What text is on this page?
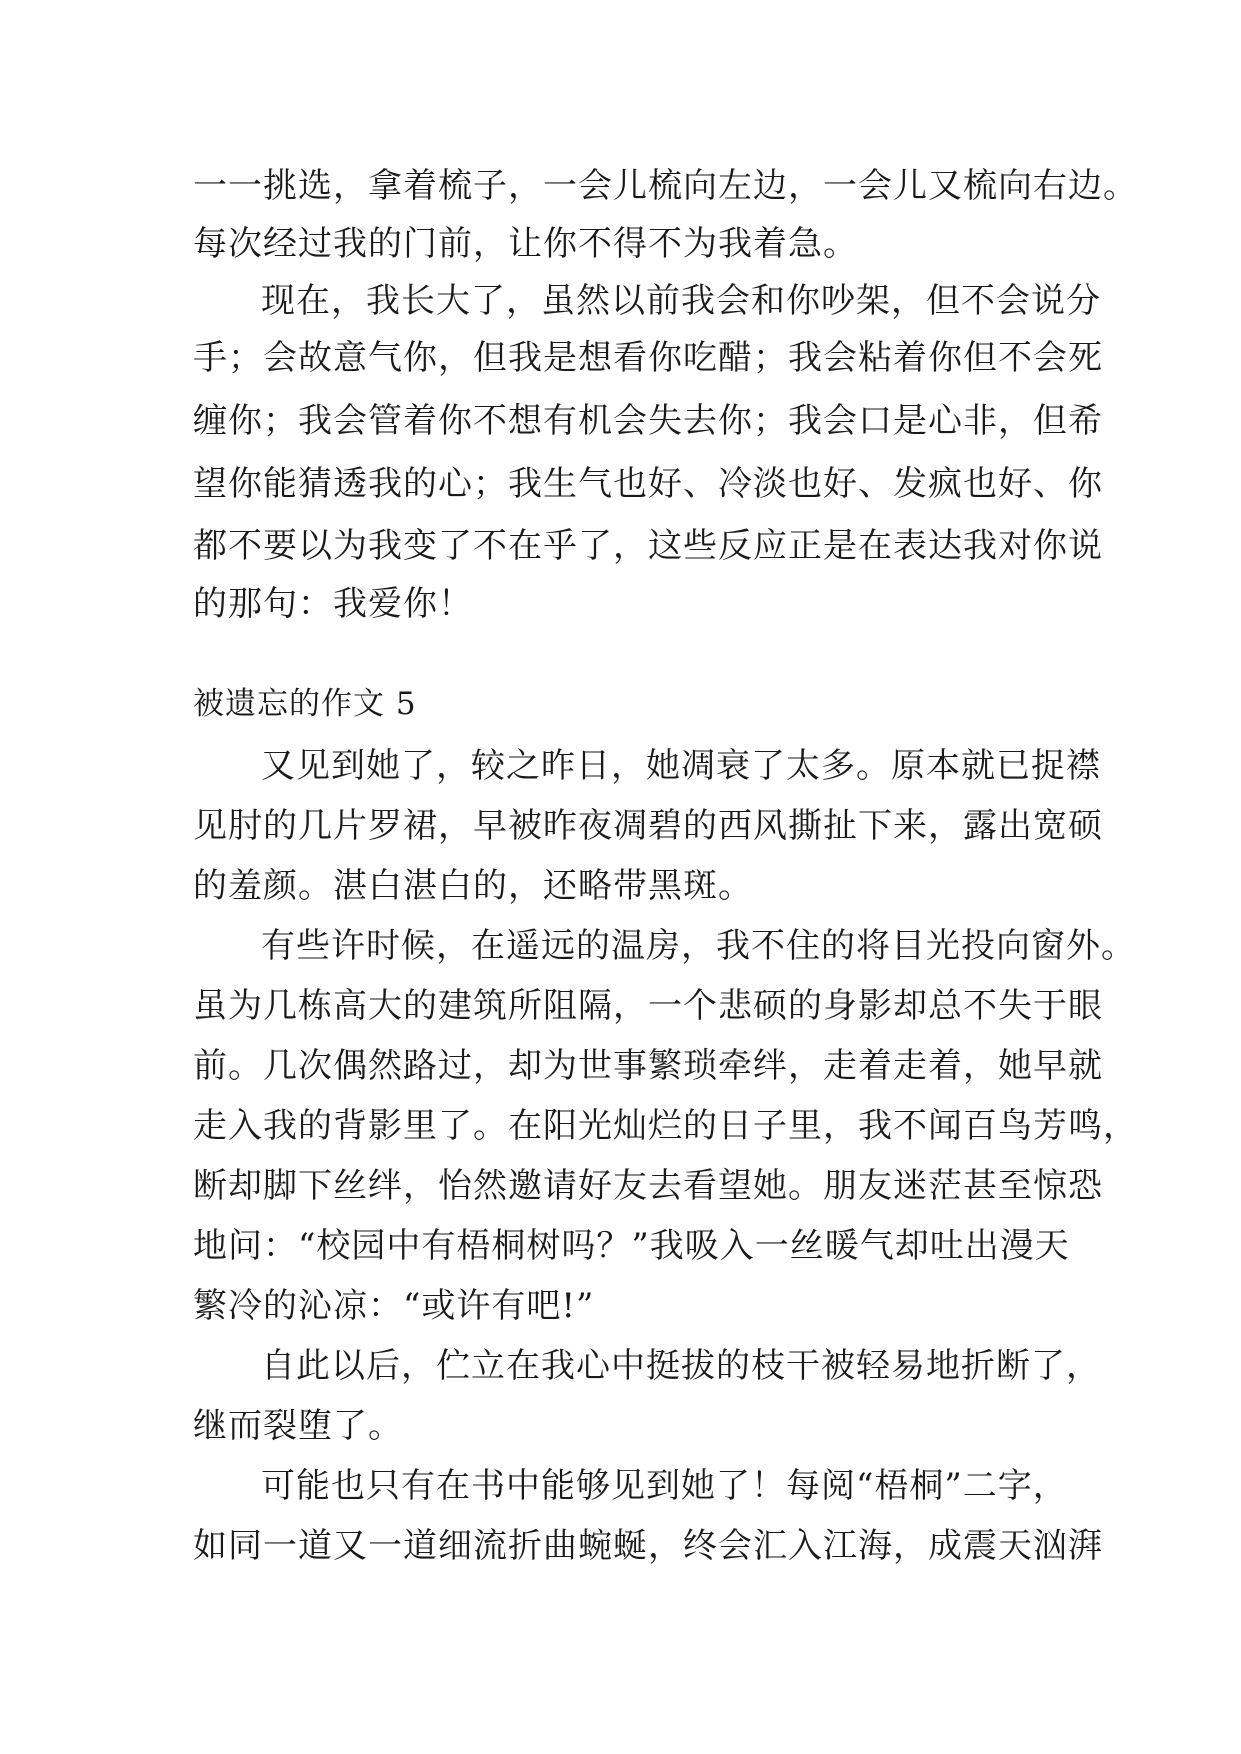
一一挑选，拿着梳子，一会儿梳向左边，一会儿又梳向右边。
每次经过我的门前，让你不得不为我着急。
现在，我长大了，虽然以前我会和你吵架，但不会说分
手；会故意气你，但我是想看你吃醋；我会粘着你但不会死
缠你；我会管着你不想有机会失去你；我会口是心非，但希
望你能猜透我的心；我生气也好、冷淡也好、发疯也好、你
都不要以为我变了不在乎了，这些反应正是在表达我对你说
的那句：我爱你！
被遗忘的作文 5
又见到她了，较之昨日，她凋衰了太多。原本就已捉襟
见肘的几片罗裙，早被昨夜凋碧的西风撕扯下来，露出宽硕
的羞颜。湛白湛白的，还略带黑斑。
有些许时候，在遥远的温房，我不住的将目光投向窗外。
虽为几栋高大的建筑所阻隔，一个悲硕的身影却总不失于眼
前。几次偶然路过，却为世事繁琐牵绊，走着走着，她早就
走入我的背影里了。在阳光灿烂的日子里，我不闻百鸟芳鸣，
断却脚下丝绊，怡然邀请好友去看望她。朋友迷茫甚至惊恐
地问：“校园中有梧桐树吗？”我吸入一丝暖气却吐出漫天
繁冷的沁凉：“或许有吧!”
自此以后，伫立在我心中挺拔的枝干被轻易地折断了，
继而裂堕了。
可能也只有在书中能够见到她了！每阅“梧桐”二字，
如同一道又一道细流折曲蜿蜒，终会汇入江海，成震天汹湃
